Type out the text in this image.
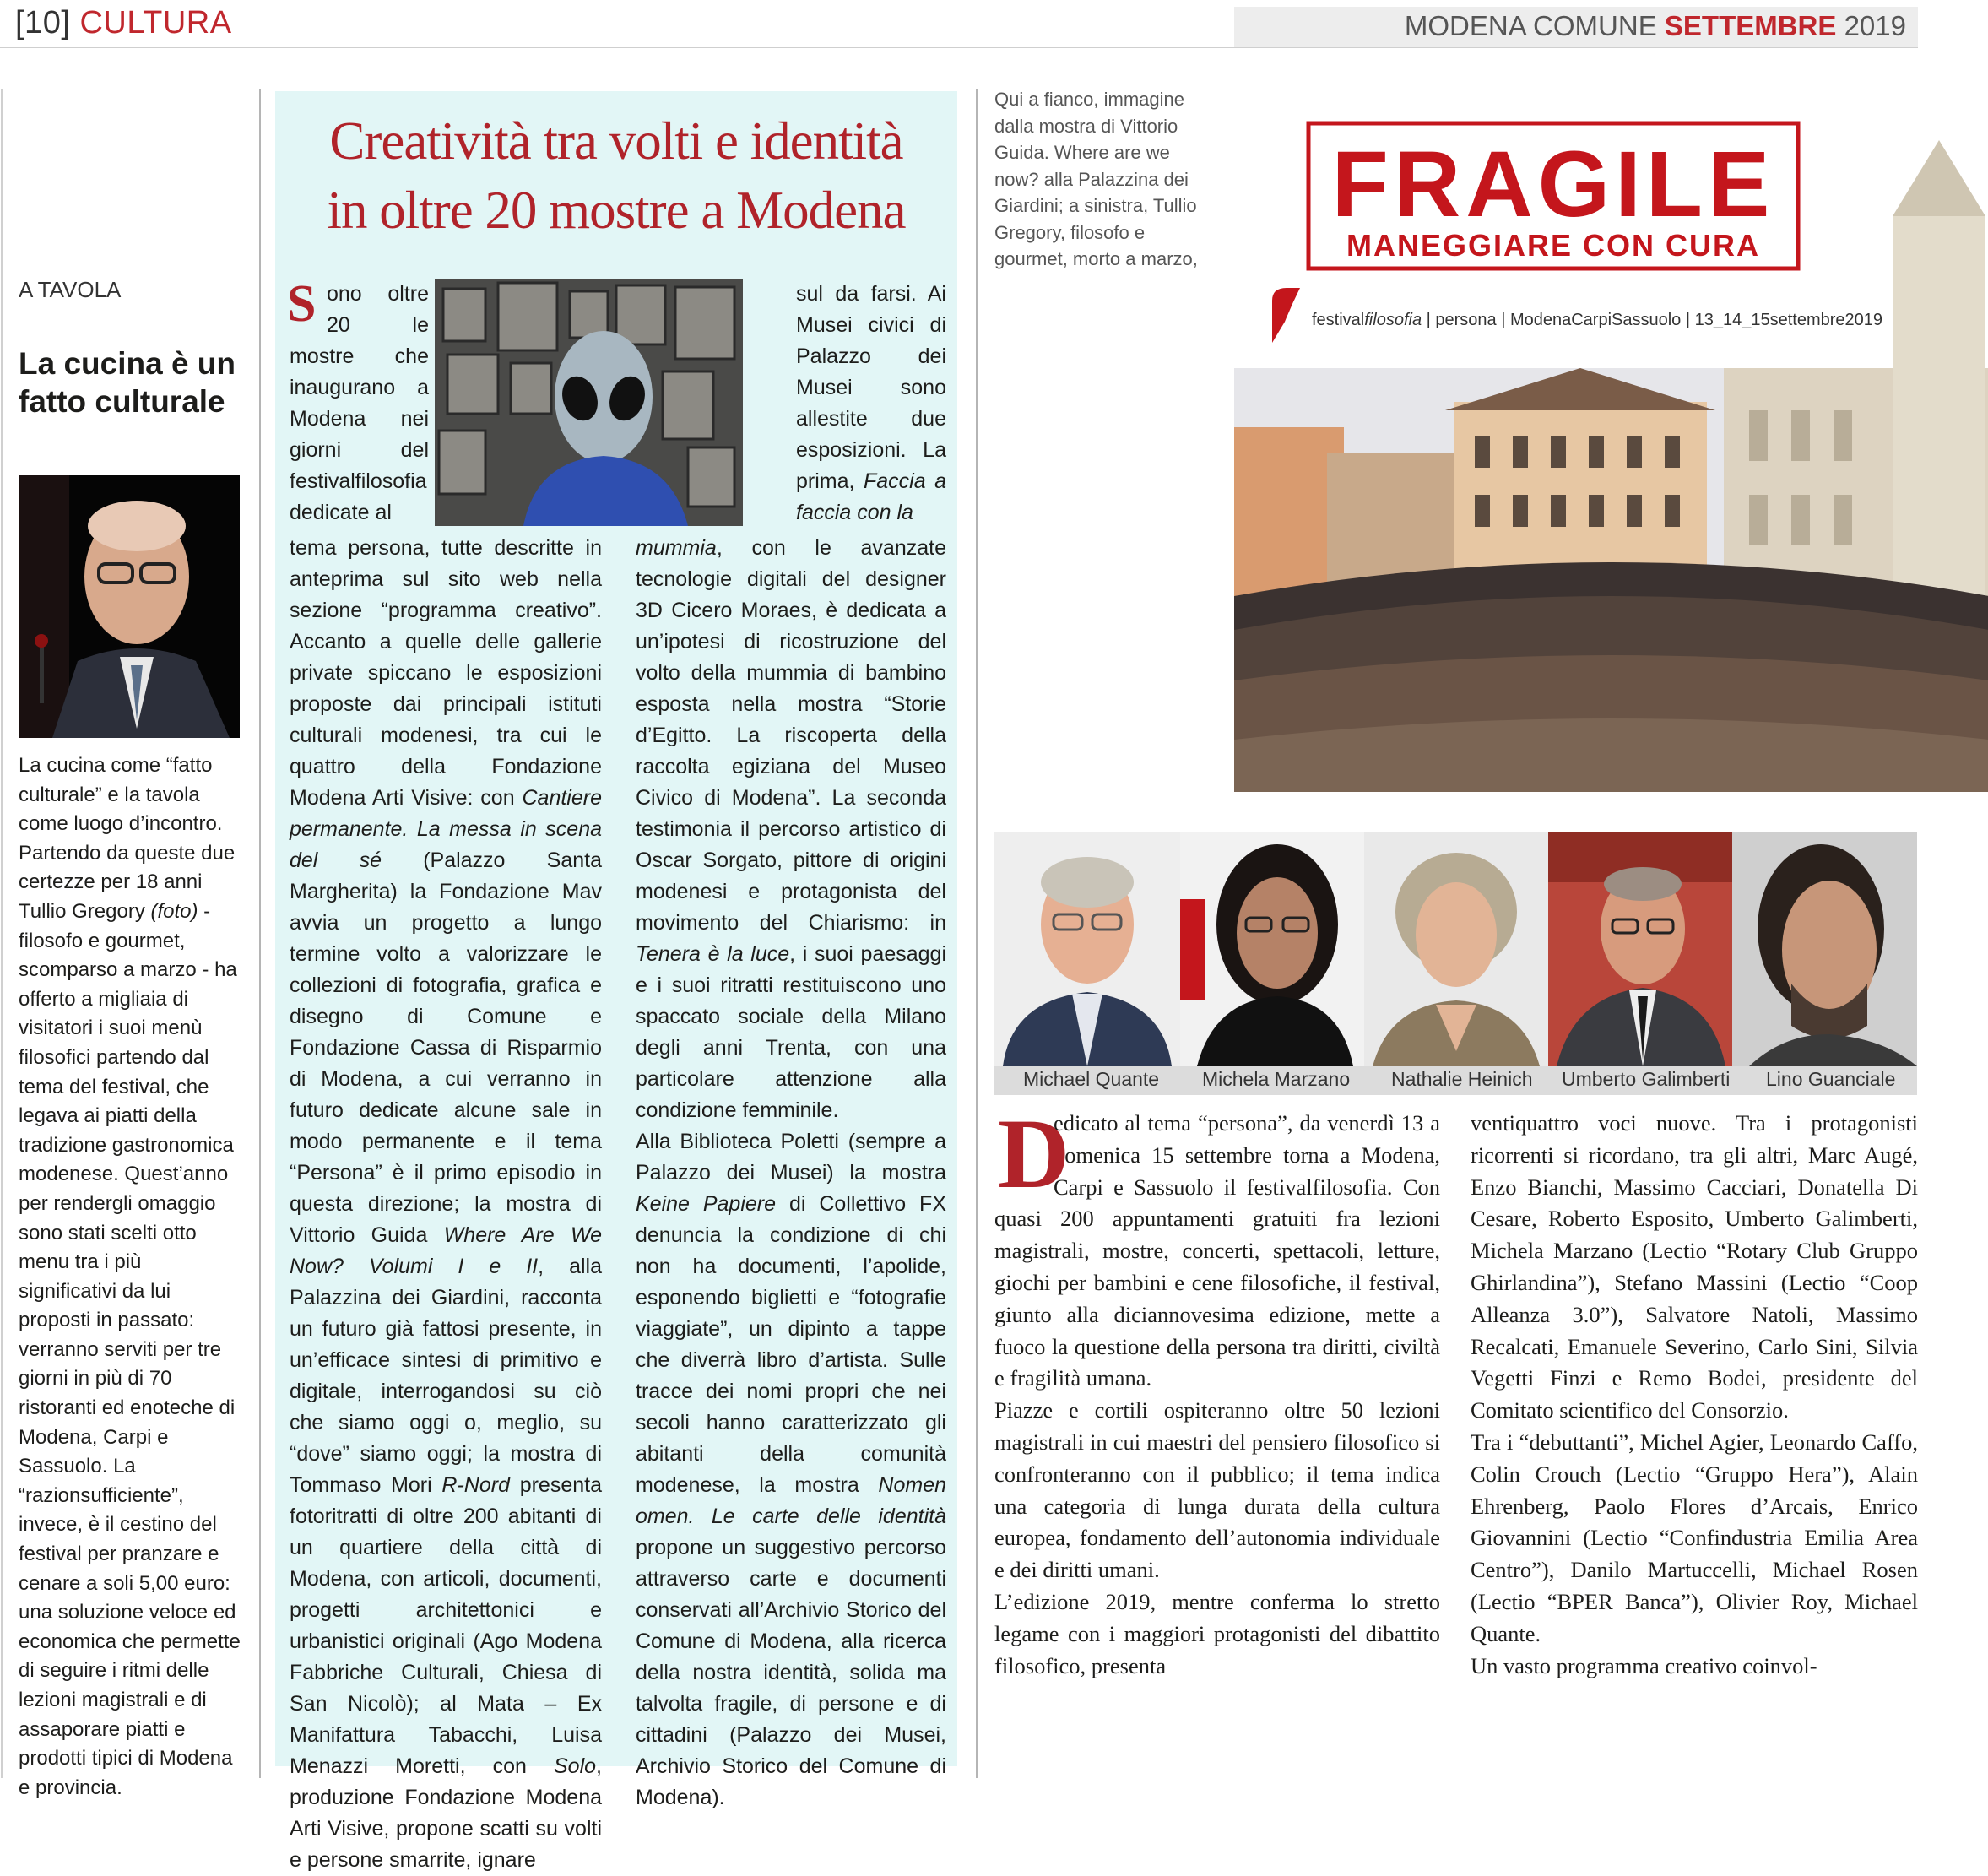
[10] CULTURA	MODENA COMUNE SETTEMBRE 2019
A TAVOLA
La cucina è un fatto culturale
La cucina come “fatto culturale” e la tavola come luogo d’incontro. Partendo da queste due certezze per 18 anni Tullio Gregory (foto) - filosofo e gourmet, scomparso a marzo - ha offerto a migliaia di visitatori i suoi menù filosofici partendo dal tema del festival, che legava ai piatti della tradizione gastronomica modenese. Quest’anno per rendergli omaggio sono stati scelti otto menu tra i più significativi da lui proposti in passato: verranno serviti per tre giorni in più di 70 ristoranti ed enoteche di Modena, Carpi e Sassuolo. La “razionsufficiente”, invece, è il cestino del festival per pranzare e cenare a soli 5,00 euro: una soluzione veloce ed economica che permette di seguire i ritmi delle lezioni magistrali e di assaporare piatti e prodotti tipici di Modena e provincia.
Creatività tra volti e identità
in oltre 20 mostre a Modena
ono oltre 20 le mostre che inaugurano a Modena nei giorni del festivalfilosofia dedicate al
S
tema persona, tutte descritte in anteprima sul sito web nella sezione “programma creativo”. Accanto a quelle delle gallerie private spiccano le esposizioni proposte dai principali istituti culturali modenesi, tra cui le quattro della Fondazione Modena Arti Visive: con Cantiere permanente. La messa in scena del sé (Palazzo Santa Margherita) la Fondazione Mav avvia un progetto a lungo termine volto a valorizzare le collezioni di fotografia, grafica e disegno di Comune e Fondazione Cassa di Risparmio di Modena, a cui verranno in futuro dedicate alcune sale in modo permanente e il tema “Persona” è il primo episodio in questa direzione; la mostra di Vittorio Guida Where Are We Now? Volumi I e II, alla Palazzina dei Giardini, racconta un futuro già fattosi presente, in un’efficace sintesi di primitivo e digitale, interrogandosi su ciò che siamo oggi o, meglio, su “dove” siamo oggi; la mostra di Tommaso Mori R-Nord presenta fotoritratti di oltre 200 abitanti di un quartiere della città di Modena, con articoli, documenti, progetti architettonici e urbanistici originali (Ago Modena Fabbriche Culturali, Chiesa di San Nicolò); al Mata – Ex Manifattura Tabacchi, Luisa Menazzi Moretti, con Solo, produzione Fondazione Modena Arti Visive, propone scatti su volti e persone smarrite, ignare
sul da farsi. Ai Musei civici di Palazzo dei Musei sono allestite due esposizioni. La prima, Faccia a faccia con la

mummia, con le avanzate tecnologie digitali del designer 3D Cicero Moraes, è dedicata a un’ipotesi di ricostruzione del volto della mummia di bambino esposta nella mostra “Storie d’Egitto. La riscoperta della raccolta egiziana del Museo Civico di Modena”. La seconda testimonia il percorso artistico di Oscar Sorgato, pittore di origini modenesi e protagonista del movimento del Chiarismo: in Tenera è la luce, i suoi paesaggi e i suoi ritratti restituiscono uno spaccato sociale della Milano degli anni Trenta, con una particolare attenzione alla condizione femminile.

Alla Biblioteca Poletti (sempre a Palazzo dei Musei) la mostra Keine Papiere di Collettivo FX denuncia la condizione di chi non ha documenti, l’apolide, esponendo biglietti e “fotografie viaggiate”, un dipinto a tappe che diverrà libro d’artista. Sulle tracce dei nomi propri che nei secoli hanno caratterizzato gli abitanti della comunità modenese, la mostra Nomen omen. Le carte delle identità propone un suggestivo percorso attraverso carte e documenti conservati all’Archivio Storico del Comune di Modena, alla ricerca della nostra identità, solida ma talvolta fragile, di persone e di cittadini (Palazzo dei Musei, Archivio Storico del Comune di Modena).

Qui a fianco, immagine dalla mostra di Vittorio Guida. Where are we now? alla Palazzina dei Giardini; a sinistra, Tullio Gregory, filosofo e gourmet, morto a marzo,
FRAGILE
MANEGGIARE CON CURA
festivalfilosofia | persona | ModenaCarpiSassuolo | 13_14_15settembre2019
Michael Quante Michela Marzano Nathalie Heinich Umberto Galimberti Lino Guanciale

edicato al tema “persona”, da venerdì 13 a domenica 15 settembre torna a Modena, Carpi e Sassuolo il festivalfilosofia. Con quasi 200 appuntamenti gratuiti fra lezioni magistrali, mostre, concerti, spettacoli, letture, giochi per bambini e cene filosofiche, il festival, giunto alla diciannovesima edizione, mette a fuoco la questione della persona tra diritti, civiltà e fragilità umana.

Piazze e cortili ospiteranno oltre 50 lezioni magistrali in cui maestri del pensiero filosofico si confronteranno con il pubblico; il tema indica una categoria di lunga durata della cultura europea, fondamento dell’autonomia individuale e dei diritti umani.

L’edizione 2019, mentre conferma lo stretto legame con i maggiori protagonisti del dibattito filosofico, presenta

D	ventiquattro voci nuove. Tra i protagonisti ricorrenti si ricordano, tra gli altri, Marc Augé, Enzo Bianchi, Massimo Cacciari, Donatella Di Cesare, Roberto Esposito, Umberto Galimberti, Michela Marzano (Lectio “Rotary Club Gruppo Ghirlandina”), Stefano Massini (Lectio “Coop Alleanza 3.0”), Salvatore Natoli, Massimo Recalcati, Emanuele Severino, Carlo Sini, Silvia Vegetti Finzi e Remo Bodei, presidente del Comitato scientifico del Consorzio.

Tra i “debuttanti”, Michel Agier, Leonardo Caffo, Colin Crouch (Lectio “Gruppo Hera”), Alain Ehrenberg, Paolo Flores d’Arcais, Enrico Giovannini (Lectio “Confindustria Emilia Area Centro”), Danilo Martuccelli, Michael Rosen (Lectio “BPER Banca”), Olivier Roy, Michael Quante.

Un vasto programma creativo coinvol-
